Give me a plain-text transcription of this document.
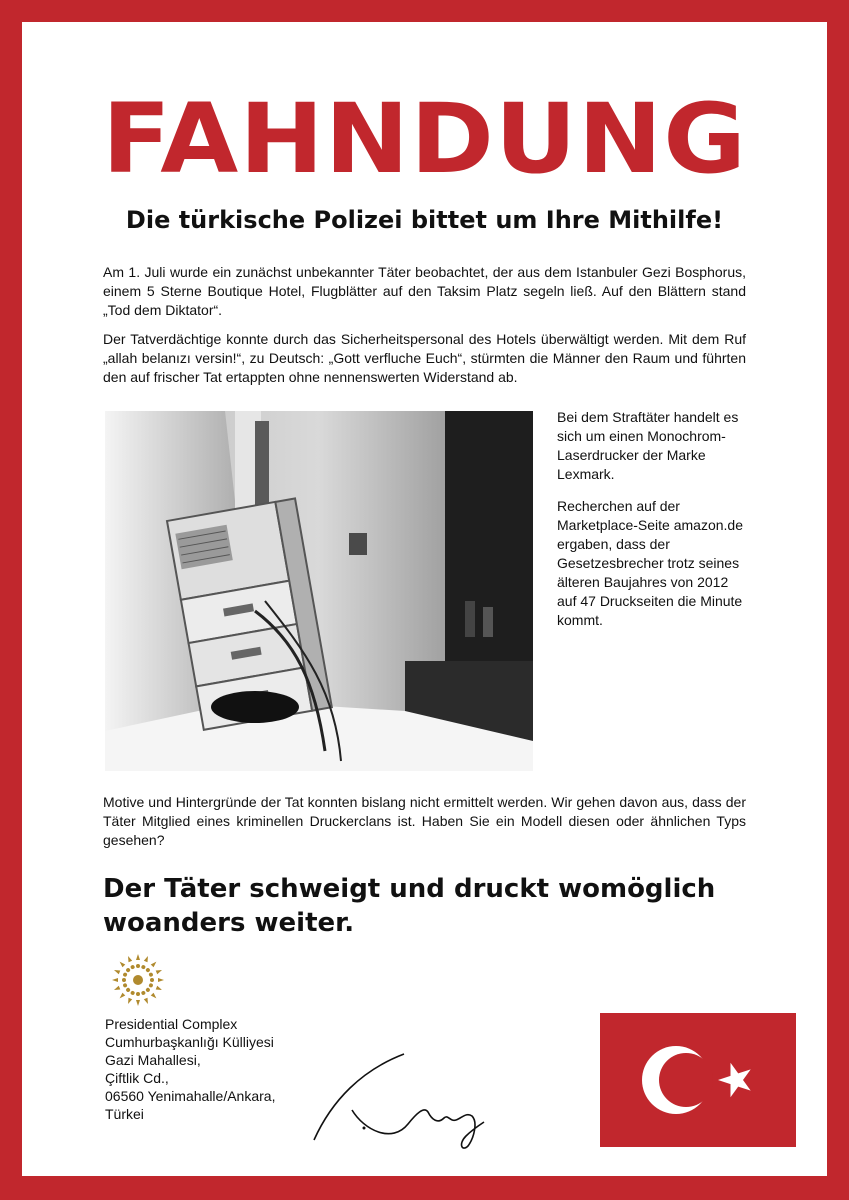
FAHNDUNG
Die türkische Polizei bittet um Ihre Mithilfe!

Am 1. Juli wurde ein zunächst unbekannter Täter beobachtet, der aus dem Istanbuler Gezi Bosphorus, einem 5 Sterne Boutique Hotel, Flugblätter auf den Taksim Platz segeln ließ. Auf den Blättern stand „Tod dem Diktator“.

Der Tatverdächtige konnte durch das Sicherheitspersonal des Hotels überwältigt werden. Mit dem Ruf „allah belanızı versin!“, zu Deutsch: „Gott verfluche Euch“, stürmten die Männer den Raum und führten den auf frischer Tat ertappten ohne nennenswerten Widerstand ab.

Bei dem Straftäter handelt es sich um einen Monochrom-Laserdrucker der Marke Lexmark.

Recherchen auf der Marketplace-Seite amazon.de ergaben, dass der Gesetzesbrecher trotz seines älteren Baujahres von 2012 auf 47 Druckseiten die Minute kommt.

Motive und Hintergründe der Tat konnten bislang nicht ermittelt werden. Wir gehen davon aus, dass der Täter Mitglied eines kriminellen Druckerclans ist. Haben Sie ein Modell diesen oder ähnlichen Typs gesehen?

Der Täter schweigt und druckt womöglich woanders weiter.
Presidential Complex
Cumhurbaşkanlığı Külliyesi
Gazi Mahallesi,
Çiftlik Cd.,
06560 Yenimahalle/Ankara,
Türkei
